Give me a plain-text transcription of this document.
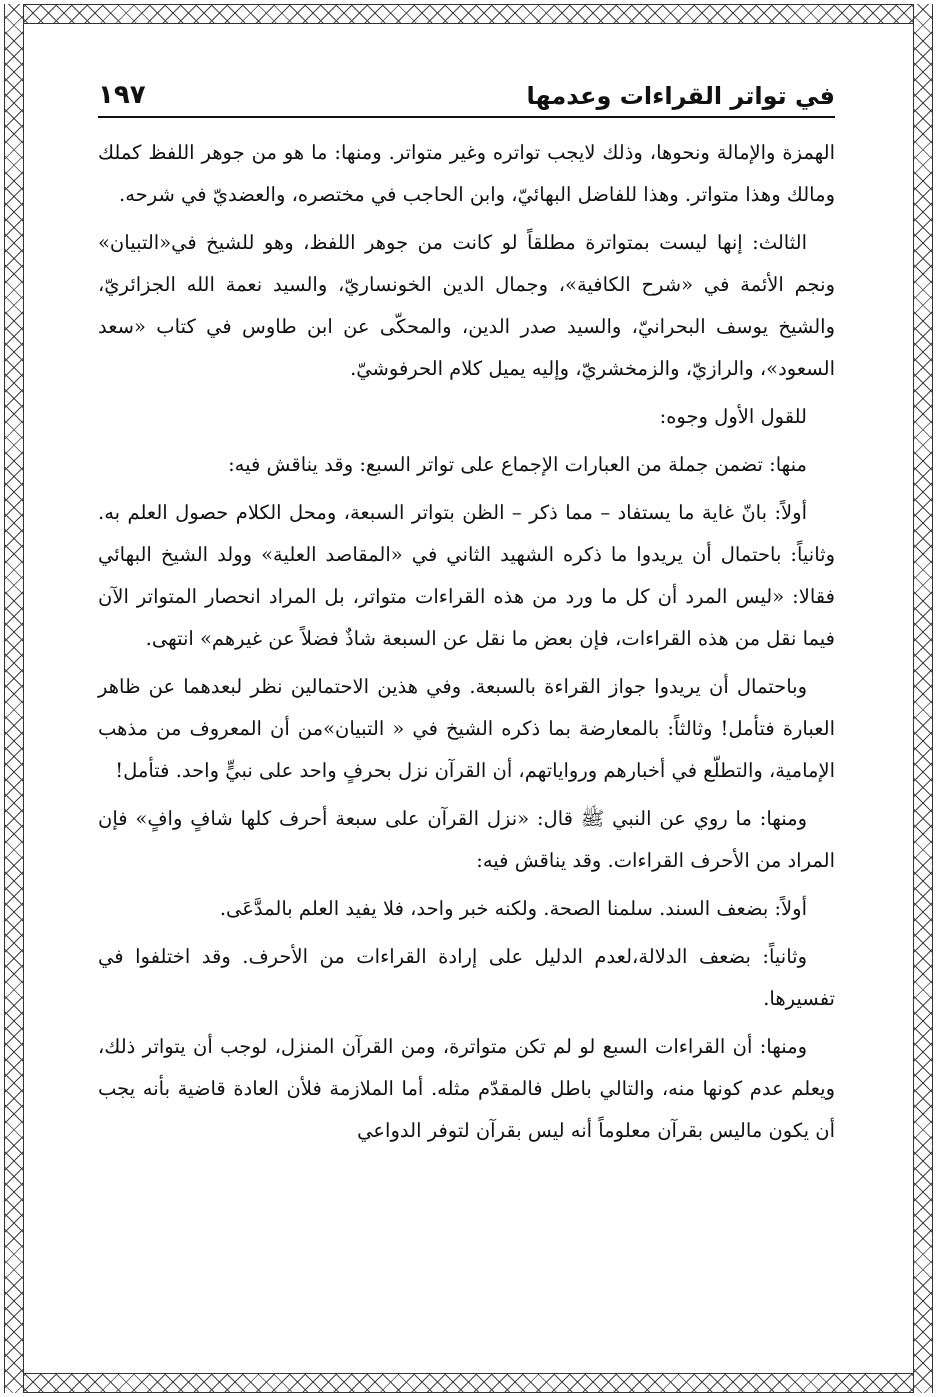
في تواتر القراءات وعدمها
١٩٧

الهمزة والإمالة ونحوها، وذلك لايجب تواتره وغير متواتر. ومنها: ما هو من جوهر اللفظ كملك ومالك وهذا متواتر. وهذا للفاضل البهائيّ، وابن الحاجب في مختصره، والعضديّ في شرحه.

الثالث: إنها ليست بمتواترة مطلقاً لو كانت من جوهر اللفظ، وهو للشيخ في«التبيان» ونجم الأئمة في «شرح الكافية»، وجمال الدين الخونساريّ، والسيد نعمة الله الجزائريّ، والشيخ يوسف البحرانيّ، والسيد صدر الدين، والمحكّى عن ابن طاوس في كتاب «سعد السعود»، والرازيّ، والزمخشريّ، وإليه يميل كلام الحرفوشيّ.

للقول الأول وجوه:

منها: تضمن جملة من العبارات الإجماع على تواتر السبع: وقد يناقش فيه:

أولاً: بانّ غاية ما يستفاد – مما ذكر – الظن بتواتر السبعة، ومحل الكلام حصول العلم به. وثانياً: باحتمال أن يريدوا ما ذكره الشهيد الثاني في «المقاصد العلية» وولد الشيخ البهائي فقالا: «ليس المرد أن كل ما ورد من هذه القراءات متواتر، بل المراد انحصار المتواتر الآن فيما نقل من هذه القراءات، فإن بعض ما نقل عن السبعة شاذٌ فضلاً عن غيرهم» انتهى.

وباحتمال أن يريدوا جواز القراءة بالسبعة. وفي هذين الاحتمالين نظر لبعدهما عن ظاهر العبارة فتأمل! وثالثاً: بالمعارضة بما ذكره الشيخ في « التبيان»من أن المعروف من مذهب الإمامية، والتطلّع في أخبارهم ورواياتهم، أن القرآن نزل بحرفٍ واحد على نبيٍّ واحد. فتأمل!

ومنها: ما روي عن النبي ﷺ قال: «نزل القرآن على سبعة أحرف كلها شافٍ وافٍ» فإن المراد من الأحرف القراءات. وقد يناقش فيه:

أولاً: بضعف السند. سلمنا الصحة. ولكنه خبر واحد، فلا يفيد العلم بالمدَّعَى.

وثانياً: بضعف الدلالة،لعدم الدليل على إرادة القراءات من الأحرف. وقد اختلفوا في تفسيرها.

ومنها: أن القراءات السبع لو لم تكن متواترة، ومن القرآن المنزل، لوجب أن يتواتر ذلك، ويعلم عدم كونها منه، والتالي باطل فالمقدّم مثله. أما الملازمة فلأن العادة قاضية بأنه يجب أن يكون ماليس بقرآن معلوماً أنه ليس بقرآن لتوفر الدواعي
